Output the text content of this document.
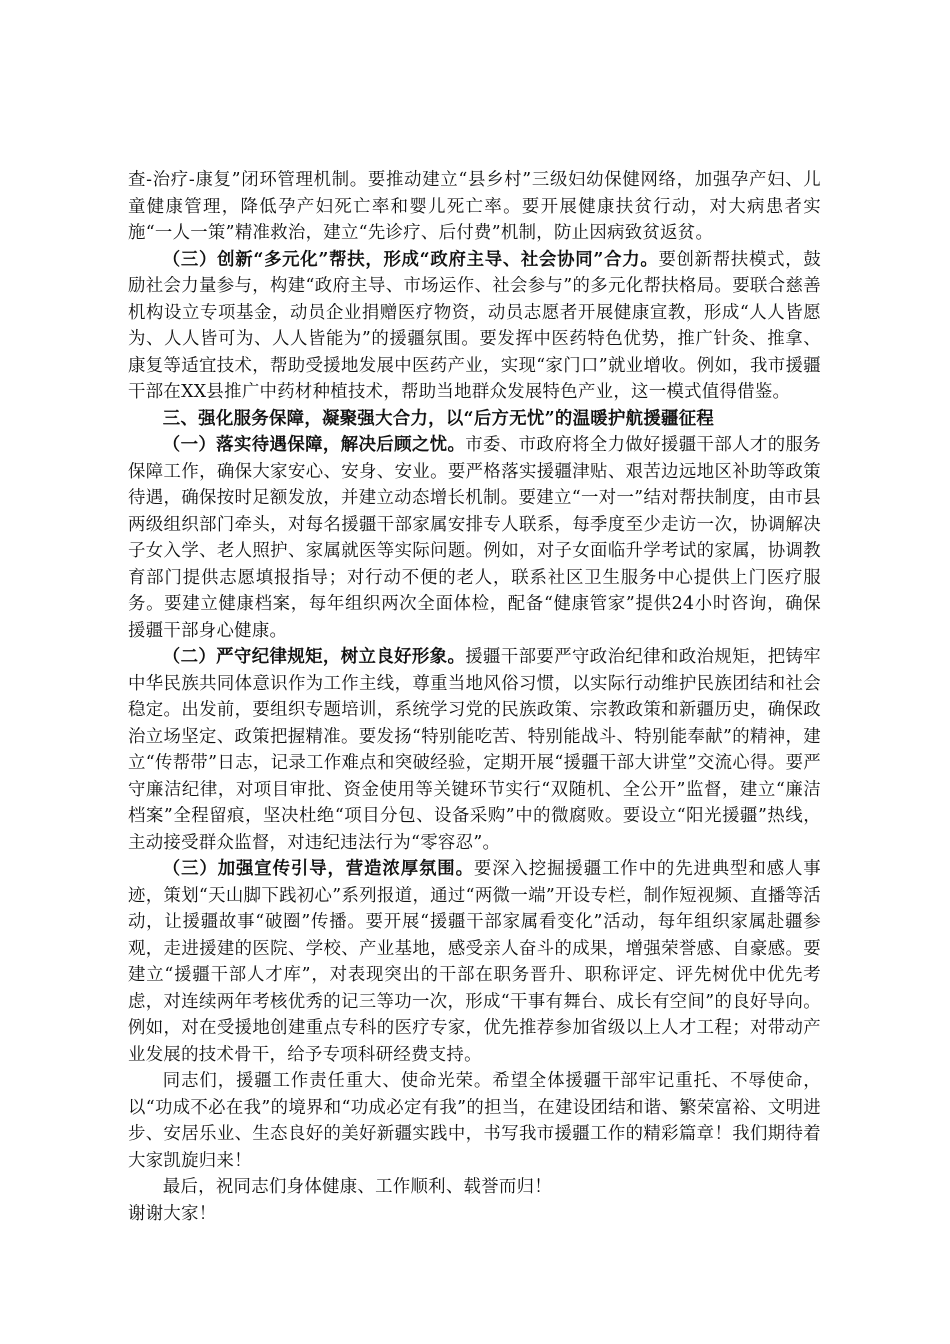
查-治疗-康复”闭环管理机制。要推动建立“县乡村”三级妇幼保健网络，加强孕产妇、儿童健康管理，降低孕产妇死亡率和婴儿死亡率。要开展健康扶贫行动，对大病患者实施“一人一策”精准救治，建立“先诊疗、后付费”机制，防止因病致贫返贫。

（三）创新“多元化”帮扶，形成“政府主导、社会协同”合力。要创新帮扶模式，鼓励社会力量参与，构建“政府主导、市场运作、社会参与”的多元化帮扶格局。要联合慈善机构设立专项基金，动员企业捐赠医疗物资，动员志愿者开展健康宣教，形成“人人皆愿为、人人皆可为、人人皆能为”的援疆氛围。要发挥中医药特色优势，推广针灸、推拿、康复等适宜技术，帮助受援地发展中医药产业，实现“家门口”就业增收。例如，我市援疆干部在XX县推广中药材种植技术，帮助当地群众发展特色产业，这一模式值得借鉴。

三、强化服务保障，凝聚强大合力，以“后方无忧”的温暖护航援疆征程

（一）落实待遇保障，解决后顾之忧。市委、市政府将全力做好援疆干部人才的服务保障工作，确保大家安心、安身、安业。要严格落实援疆津贴、艰苦边远地区补助等政策待遇，确保按时足额发放，并建立动态增长机制。要建立“一对一”结对帮扶制度，由市县两级组织部门牵头，对每名援疆干部家属安排专人联系，每季度至少走访一次，协调解决子女入学、老人照护、家属就医等实际问题。例如，对子女面临升学考试的家属，协调教育部门提供志愿填报指导；对行动不便的老人，联系社区卫生服务中心提供上门医疗服务。要建立健康档案，每年组织两次全面体检，配备“健康管家”提供24小时咨询，确保援疆干部身心健康。

（二）严守纪律规矩，树立良好形象。援疆干部要严守政治纪律和政治规矩，把铸牢中华民族共同体意识作为工作主线，尊重当地风俗习惯，以实际行动维护民族团结和社会稳定。出发前，要组织专题培训，系统学习党的民族政策、宗教政策和新疆历史，确保政治立场坚定、政策把握精准。要发扬“特别能吃苦、特别能战斗、特别能奉献”的精神，建立“传帮带”日志，记录工作难点和突破经验，定期开展“援疆干部大讲堂”交流心得。要严守廉洁纪律，对项目审批、资金使用等关键环节实行“双随机、全公开”监督，建立“廉洁档案”全程留痕，坚决杜绝“项目分包、设备采购”中的微腐败。要设立“阳光援疆”热线，主动接受群众监督，对违纪违法行为“零容忍”。

（三）加强宣传引导，营造浓厚氛围。要深入挖掘援疆工作中的先进典型和感人事迹，策划“天山脚下践初心”系列报道，通过“两微一端”开设专栏，制作短视频、直播等活动，让援疆故事“破圈”传播。要开展“援疆干部家属看变化”活动，每年组织家属赴疆参观，走进援建的医院、学校、产业基地，感受亲人奋斗的成果，增强荣誉感、自豪感。要建立“援疆干部人才库”，对表现突出的干部在职务晋升、职称评定、评先树优中优先考虑，对连续两年考核优秀的记三等功一次，形成“干事有舞台、成长有空间”的良好导向。例如，对在受援地创建重点专科的医疗专家，优先推荐参加省级以上人才工程；对带动产业发展的技术骨干，给予专项科研经费支持。

同志们，援疆工作责任重大、使命光荣。希望全体援疆干部牢记重托、不辱使命，以“功成不必在我”的境界和“功成必定有我”的担当，在建设团结和谐、繁荣富裕、文明进步、安居乐业、生态良好的美好新疆实践中，书写我市援疆工作的精彩篇章！我们期待着大家凯旋归来！

最后，祝同志们身体健康、工作顺利、载誉而归！

谢谢大家！
